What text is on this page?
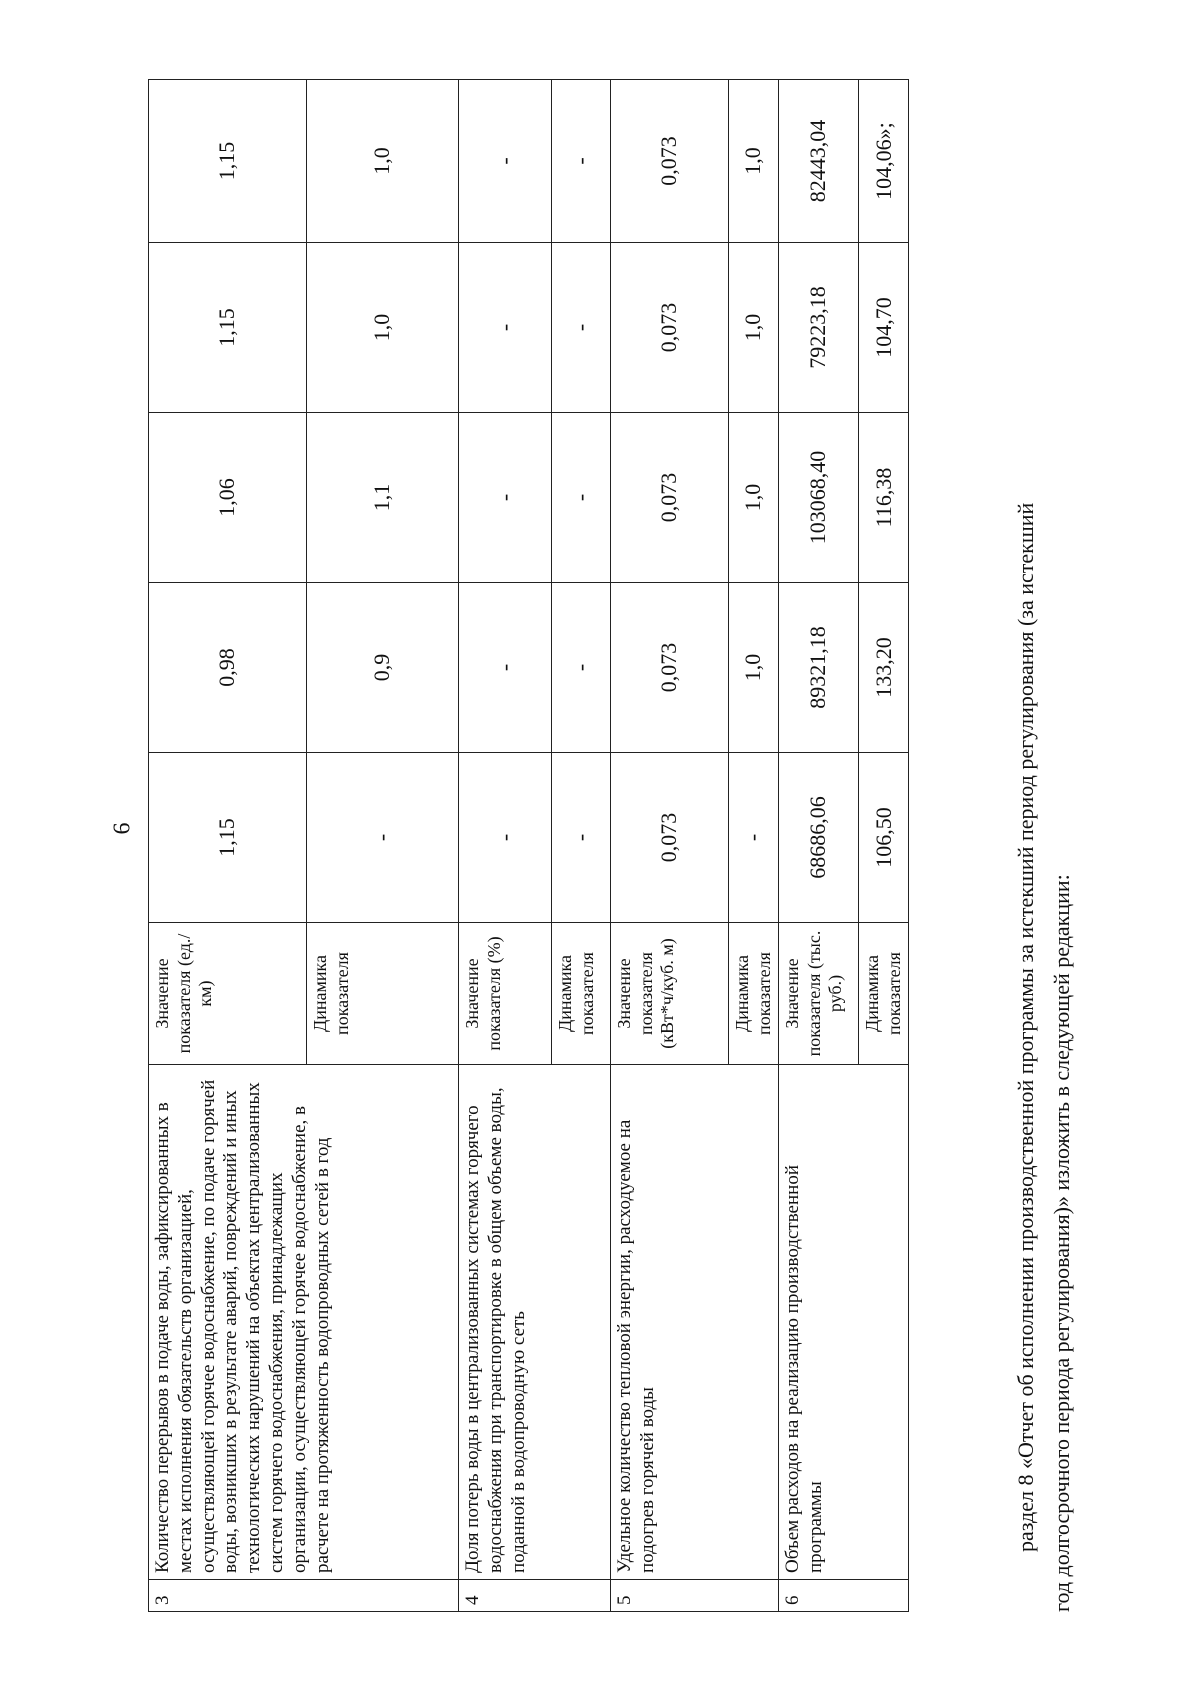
6
3	Количество перерывов в подаче воды, зафиксированных в местах исполнения обязательств организацией, осуществляющей горячее водоснабжение, по подаче горячей воды, возникших в результате аварий, повреждений и иных технологических нарушений на объектах централизованных систем горячего водоснабжения, принадлежащих организации, осуществляющей горячее водоснабжение, в расчете на протяженность водопроводных сетей в год	Значение показателя (ед./км)	1,15	0,98	1,06	1,15	1,15
		Динамика показателя	-	0,9	1,1	1,0	1,0
4	Доля потерь воды в централизованных системах горячего водоснабжения при транспортировке в общем объеме воды, поданной в водопроводную сеть	Значение показателя (%)	-	-	-	-	-
		Динамика показателя	-	-	-	-	-
5	Удельное количество тепловой энергии, расходуемое на подогрев горячей воды	Значение показателя (кВт*ч/куб. м)	0,073	0,073	0,073	0,073	0,073
		Динамика показателя	-	1,0	1,0	1,0	1,0
6	Объем расходов на реализацию производственной программы	Значение показателя (тыс. руб.)	68686,06	89321,18	103068,40	79223,18	82443,04
		Динамика показателя	106,50	133,20	116,38	104,70	104,06»;
раздел 8 «Отчет об исполнении производственной программы за истекший период регулирования (за истекший год долгосрочного периода регулирования)» изложить в следующей редакции:
